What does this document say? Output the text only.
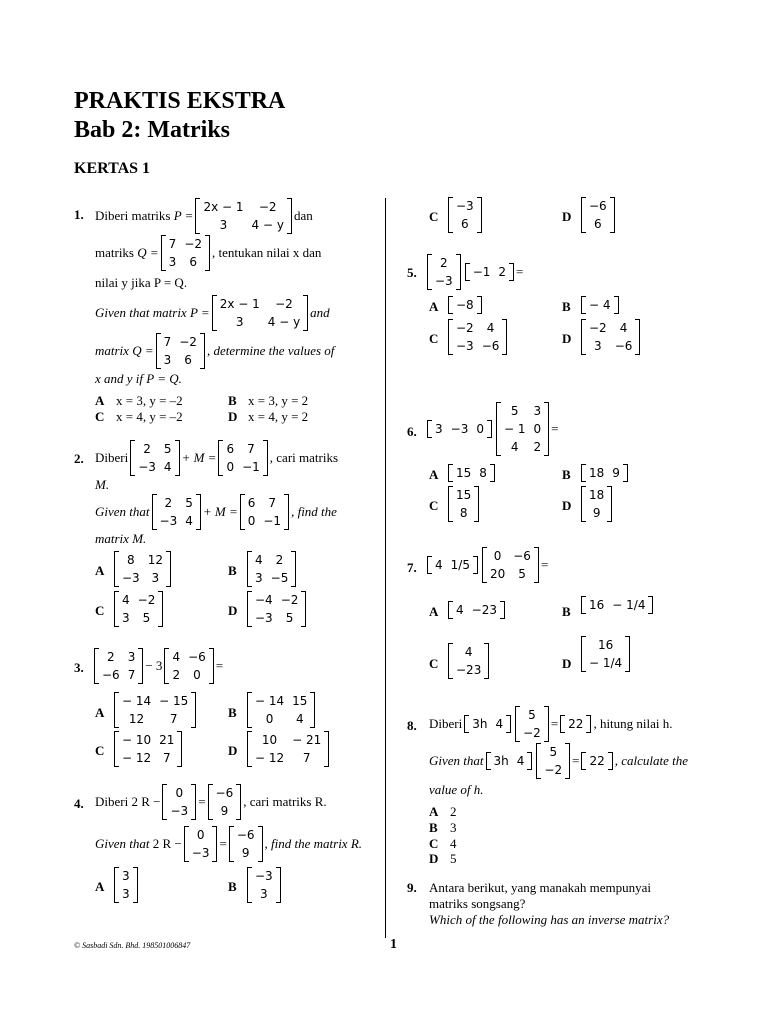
PRAKTIS EKSTRA
Bab 2: Matriks
KERTAS 1
1. Diberi matriks
P =
2x − 1	−2
3	4 − y
dan
matriks
Q =
7	−2
3	6
, tentukan nilai x dan
nilai y jika P = Q.
Given that matrix P =
2x − 1	−2
3	4 − y
and
matrix Q =
7	−2
3	6
, determine the values of
x and y if P = Q.
A x = 3, y = –2	B x = 3, y = 2
C x = 4, y = –2	D x = 4, y = 2
2. Diberi
2	5
−3	4
+ M =
6	7
0	−1
, cari matriks
M.
Given that
2	5
−3	4
+ M =
6	7
0	−1
, find the
matrix M.
A
8	12
−3	3	B
4	2
3	−5
C
4	−2
3	5	D
−4	−2
−3	5
3.
2	3
−6	7
− 3
4	−6
2	0
=
A
− 14	− 15
12	7	B
− 14	15
0	4
C
− 10	21
− 12	7	D
10	− 21
− 12	7
4. Diberi
2 R −
0
−3
=
−6
9
, cari matriks R.
Given that
2 R −
0
−3
=
−6
9
, find the matrix R.
A
3
3	B
−3
3
C
−3
6	D
−6
6
5.
2
−3
−1	2 =
A −8	B − 4
C
−2	4
−3	−6	D
−2	4
3	−6
6. 3	−3	0
5	3
− 1	0
4	2
=
A 15	8	B 18	9
C
15
8	D
18
9
7. 4	1/5
0	−6
20	5
=
A 4	−23	B 16	− 1/4
C
4
−23	D
16
− 1/4
8. Diberi 3h	4
5
−2
= 22 , hitung nilai h.
Given that 3h	4
5
−2
= 22 , calculate the
value of h.
A 2
B 3
C 4
D 5
9. Antara berikut, yang manakah mempunyai
matriks songsang?
Which of the following has an inverse matrix?
© Sasbadi Sdn. Bhd. 198501006847	1
